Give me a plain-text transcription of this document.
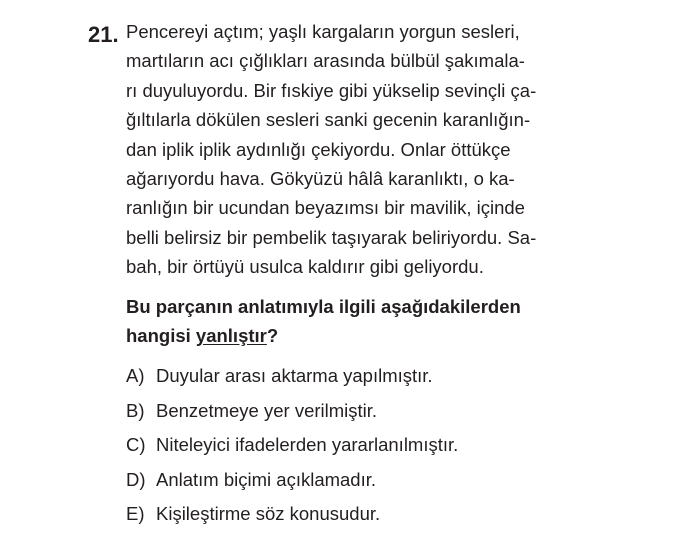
21. Pencereyi açtım; yaşlı kargaların yorgun sesleri,
martıların acı çığlıkları arasında bülbül şakımala-
rı duyuluyordu. Bir fıskiye gibi yükselip sevinçli ça-
ğıltılarla dökülen sesleri sanki gecenin karanlığın-
dan iplik iplik aydınlığı çekiyordu. Onlar öttükçe
ağarıyordu hava. Gökyüzü hâlâ karanlıktı, o ka-
ranlığın bir ucundan beyazımsı bir mavilik, içinde
belli belirsiz bir pembelik taşıyarak beliriyordu. Sa-
bah, bir örtüyü usulca kaldırır gibi geliyordu.
Bu parçanın anlatımıyla ilgili aşağıdakilerden
hangisi yanlıştır?
A) Duyular arası aktarma yapılmıştır.
B) Benzetmeye yer verilmiştir.
C) Niteleyici ifadelerden yararlanılmıştır.
D) Anlatım biçimi açıklamadır.
E) Kişileştirme söz konusudur.
